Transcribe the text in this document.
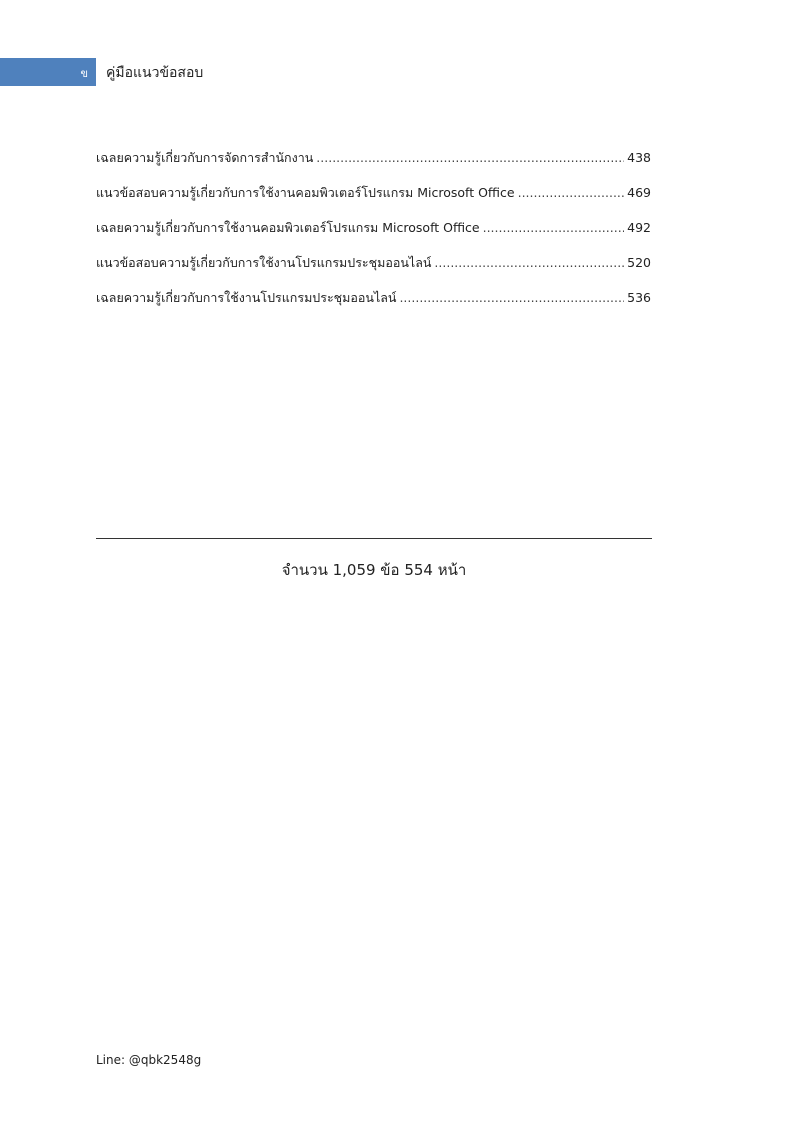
ข คู่มือแนวข้อสอบ
เฉลยความรู้เกี่ยวกับการจัดการสำนักงาน .....	438
แนวข้อสอบความรู้เกี่ยวกับการใช้งานคอมพิวเตอร์โปรแกรม Microsoft Office .....	469
เฉลยความรู้เกี่ยวกับการใช้งานคอมพิวเตอร์โปรแกรม Microsoft Office .....	492
แนวข้อสอบความรู้เกี่ยวกับการใช้งานโปรแกรมประชุมออนไลน์ .....	520
เฉลยความรู้เกี่ยวกับการใช้งานโปรแกรมประชุมออนไลน์ .....	536
จำนวน 1,059 ข้อ 554 หน้า
Line: @qbk2548g
